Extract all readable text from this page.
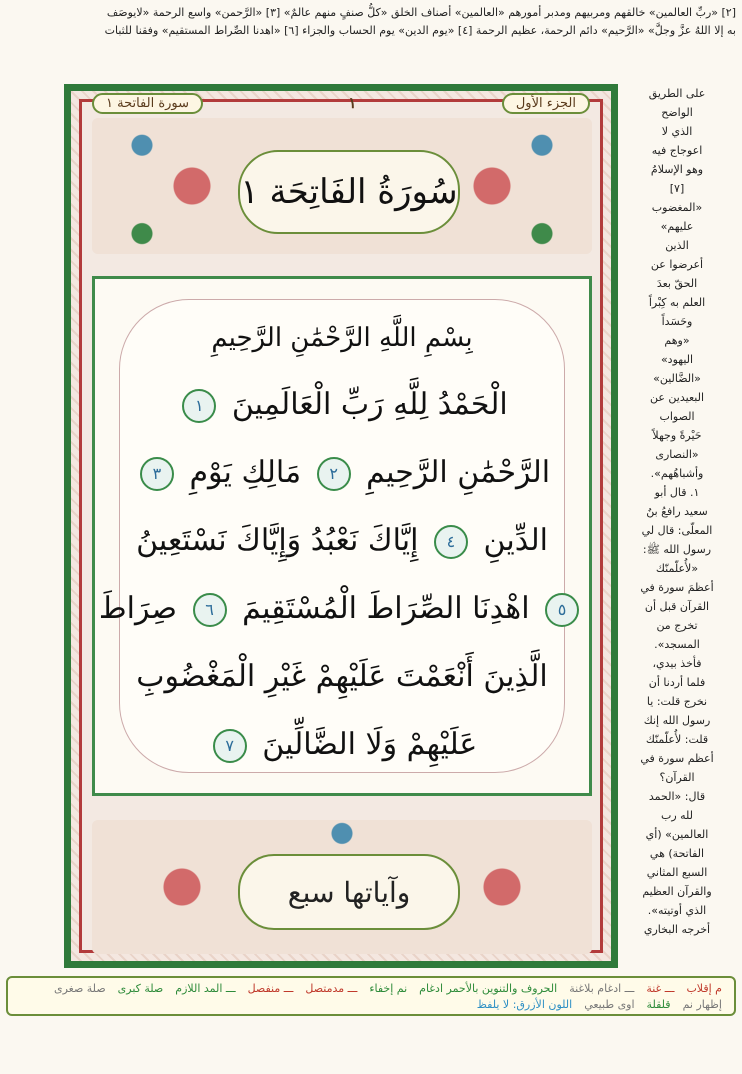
[٢] «ربِّ العالمين» خالقهم ومربيهم ومدبر أمورهم «العالمين» أصناف الخلق «كلُّ صنفٍ منهم عالمٌ» [٣] «الرَّحمن» واسع الرحمة «لايوصَف
به إلا اللهُ عزَّ وجلَّ» «الرَّحيم» دائم الرحمة، عظيم الرحمة [٤] «يوم الدين» يوم الحساب والجزاء [٦] «اهدنا الصِّراط المستقيم» وفقنا للثبات
على الطريق
الواضح
الذي لا
اعوجاج فيه
وهو الإسلامُ
[٧]
«المغضوب
عليهم»
الذين
أعرضوا عن
الحقّ بعدَ
العلم به كِبْراً
وحَسَداً
«وهم
اليهود»
«الضَّالين»
البعيدين عن
الصواب
حَيْرةً وجهلاً
«النصارى
وأشباهُهم».
١. قال أبو
سعيد رافعُ بنُ
المعلّى: قال لي
رسول الله ﷺ:
«لأُعلّمنّك
أعظمَ سورة في
القرآن قبل أن
تخرج من
المسجد».
فأخذ بيدي،
فلما أردنا أن
نخرج قلت: يا
رسول الله إنك
قلت: لأُعلّمنّك
أعظم سورة في
القرآن؟
قال: «الحمد
لله رب
العالمين» (أي
الفاتحة) هي
السبع المثاني
والقرآن العظيم
الذي أوتيته».
أخرجه البخاري
الجزء الأول
١
سورة الفاتحة ١
سُورَةُ الفَاتِحَة ١
بِسْمِ اللَّهِ الرَّحْمَٰنِ الرَّحِيمِ
الْحَمْدُ لِلَّهِ رَبِّ الْعَالَمِينَ ١
الرَّحْمَٰنِ الرَّحِيمِ ٢ مَالِكِ يَوْمِ ٣
الدِّينِ ٤ إِيَّاكَ نَعْبُدُ وَإِيَّاكَ نَسْتَعِينُ
٥ اهْدِنَا الصِّرَاطَ الْمُسْتَقِيمَ ٦ صِرَاطَ
الَّذِينَ أَنْعَمْتَ عَلَيْهِمْ غَيْرِ الْمَغْضُوبِ
عَلَيْهِمْ وَلَا الضَّالِّينَ ٧
وآياتها سبع
م إقلاب
ـــ غنة
ـــ ادغام بلاغنة
الحروف والتنوين بالأحمر ادغام
نم إخفاء
ـــ مدمتصل
ـــ منفصل
ـــ المد اللازم
صلة كبرى
صلة صغرى
إظهار نم
قلقلة
اوى طبيعي
اللون الأزرق: لا يلفظ
